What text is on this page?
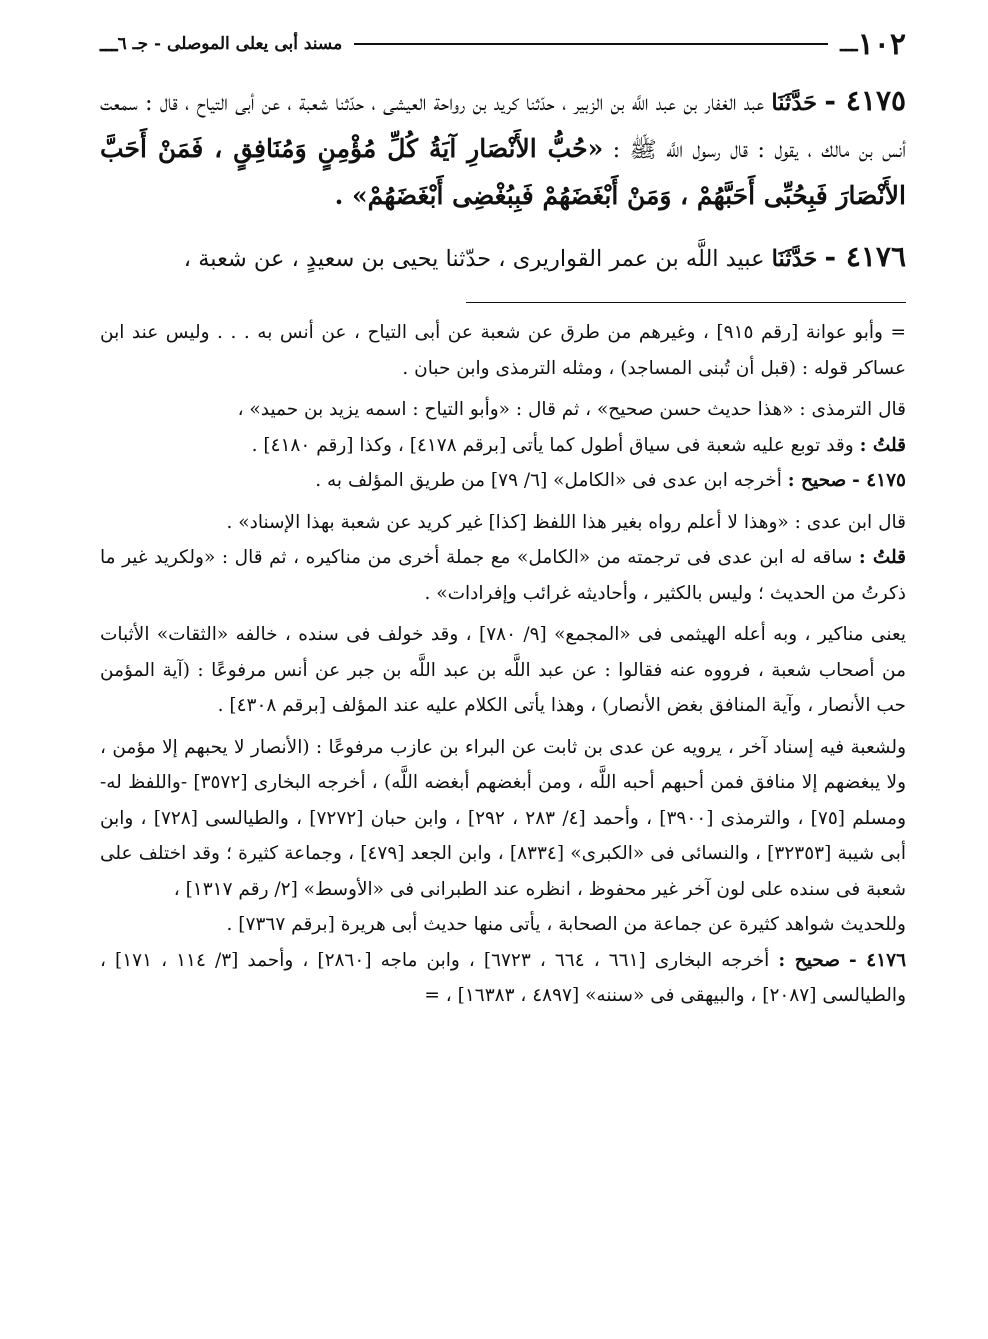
١٠٢
ـــ
مسند أبى يعلى الموصلى - جـ ٦
ـــ

٤١٧٥ - حَدَّثَنَا عبد الغفار بن عبد اللَّه بن الزبير ، حدّثنا كريد بن رواحة العيشى ، حدّثنا شعبة ، عن أبى التياح ، قال : سمعت أنس بن مالك ، يقول : قال رسول اللَّه ﷺ : «حُبُّ الأَنْصَارِ آيَةُ كُلِّ مُؤْمِنٍ وَمُنَافِقٍ ، فَمَنْ أَحَبَّ الأَنْصَارَ فَبِحُبِّى أَحَبَّهُمْ ، وَمَنْ أَبْغَضَهُمْ فَبِبُغْضِى أَبْغَضَهُمْ» .

٤١٧٦ - حَدَّثَنَا عبيد اللَّه بن عمر القواريرى ، حدّثنا يحيى بن سعيدٍ ، عن شعبة ،

= وأبو عوانة [رقم ٩١٥] ، وغيرهم من طرق عن شعبة عن أبى التياح ، عن أنس به . . . وليس عند ابن عساكر قوله : (قبل أن تُبنى المساجد) ، ومثله الترمذى وابن حبان .

قال الترمذى : «هذا حديث حسن صحيح» ، ثم قال : «وأبو التياح : اسمه يزيد بن حميد» ،

قلتُ : وقد توبع عليه شعبة فى سياق أطول كما يأتى [برقم ٤١٧٨] ، وكذا [رقم ٤١٨٠] .

٤١٧٥ - صحيح : أخرجه ابن عدى فى «الكامل» [٦/ ٧٩] من طريق المؤلف به .

قال ابن عدى : «وهذا لا أعلم رواه بغير هذا اللفظ [كذا] غير كريد عن شعبة بهذا الإسناد» .

قلتُ : ساقه له ابن عدى فى ترجمته من «الكامل» مع جملة أخرى من مناكيره ، ثم قال : «ولكريد غير ما ذكرتُ من الحديث ؛ وليس بالكثير ، وأحاديثه غرائب وإفرادات» .

يعنى مناكير ، وبه أعله الهيثمى فى «المجمع» [٩/ ٧٨٠] ، وقد خولف فى سنده ، خالفه «الثقات» الأثبات من أصحاب شعبة ، فرووه عنه فقالوا : عن عبد اللَّه بن عبد اللَّه بن جبر عن أنس مرفوعًا : (آية المؤمن حب الأنصار ، وآية المنافق بغض الأنصار) ، وهذا يأتى الكلام عليه عند المؤلف [برقم ٤٣٠٨] .

ولشعبة فيه إسناد آخر ، يرويه عن عدى بن ثابت عن البراء بن عازب مرفوعًا : (الأنصار لا يحبهم إلا مؤمن ، ولا يبغضهم إلا منافق فمن أحبهم أحبه اللَّه ، ومن أبغضهم أبغضه اللَّه) ، أخرجه البخارى [٣٥٧٢] -واللفظ له- ومسلم [٧٥] ، والترمذى [٣٩٠٠] ، وأحمد [٤/ ٢٨٣ ، ٢٩٢] ، وابن حبان [٧٢٧٢] ، والطيالسى [٧٢٨] ، وابن أبى شيبة [٣٢٣٥٣] ، والنسائى فى «الكبرى» [٨٣٣٤] ، وابن الجعد [٤٧٩] ، وجماعة كثيرة ؛ وقد اختلف على شعبة فى سنده على لون آخر غير محفوظ ، انظره عند الطبرانى فى «الأوسط» [٢/ رقم ١٣١٧] ،

وللحديث شواهد كثيرة عن جماعة من الصحابة ، يأتى منها حديث أبى هريرة [برقم ٧٣٦٧] .

٤١٧٦ - صحيح : أخرجه البخارى [٦٦١ ، ٦٦٤ ، ٦٧٢٣] ، وابن ماجه [٢٨٦٠] ، وأحمد [٣/ ١١٤ ، ١٧١] ، والطيالسى [٢٠٨٧] ، والبيهقى فى «سننه» [٤٨٩٧ ، ١٦٣٨٣] ، =
